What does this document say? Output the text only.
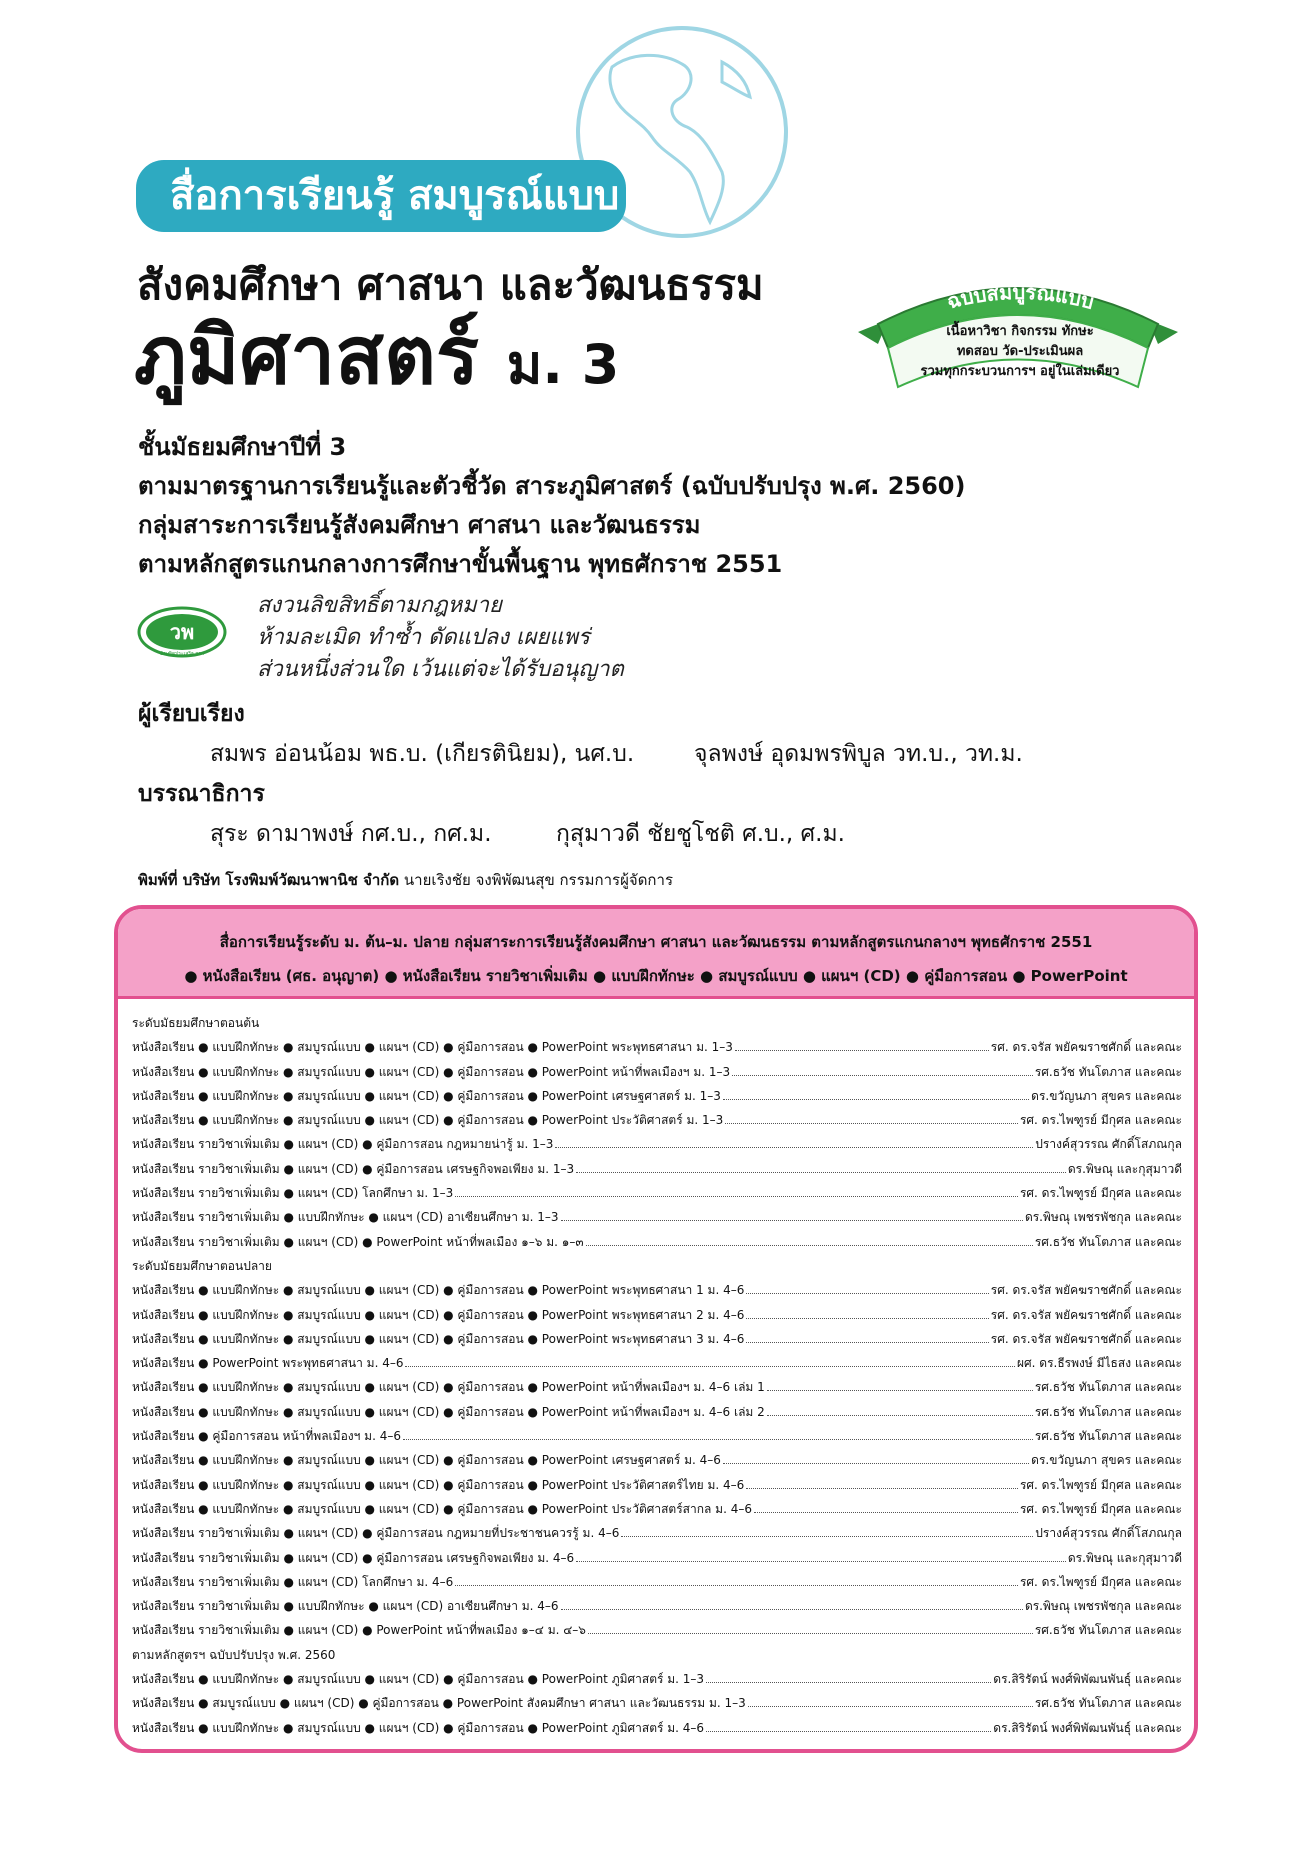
สื่อการเรียนรู้ สมบูรณ์แบบ
สังคมศึกษา ศาสนา และวัฒนธรรม
ภูมิศาสตร์ ม. 3
ฉบับสมบูรณ์แบบ
เนื้อหาวิชา กิจกรรม ทักษะ
ทดสอบ วัด-ประเมินผล
รวมทุกกระบวนการฯ อยู่ในเล่มเดียว
ชั้นมัธยมศึกษาปีที่ 3
ตามมาตรฐานการเรียนรู้และตัวชี้วัด สาระภูมิศาสตร์ (ฉบับปรับปรุง พ.ศ. 2560)
กลุ่มสาระการเรียนรู้สังคมศึกษา ศาสนา และวัฒนธรรม
ตามหลักสูตรแกนกลางการศึกษาขั้นพื้นฐาน พุทธศักราช 2551
วพ
บัณฑิตประเสริฐ ฯลฯ
สงวนลิขสิทธิ์ตามกฎหมาย
ห้ามละเมิด ทำซ้ำ ดัดแปลง เผยแพร่
ส่วนหนึ่งส่วนใด เว้นแต่จะได้รับอนุญาต
ผู้เรียบเรียง
สมพร อ่อนน้อม พธ.บ. (เกียรตินิยม), นศ.บ.	จุลพงษ์ อุดมพรพิบูล วท.บ., วท.ม.
บรรณาธิการ
สุระ ดามาพงษ์ กศ.บ., กศ.ม.	กุสุมาวดี ชัยชูโชติ ศ.บ., ศ.ม.
พิมพ์ที่ บริษัท โรงพิมพ์วัฒนาพานิช จำกัด นายเริงชัย จงพิพัฒนสุข กรรมการผู้จัดการ
สื่อการเรียนรู้ระดับ ม. ต้น–ม. ปลาย กลุ่มสาระการเรียนรู้สังคมศึกษา ศาสนา และวัฒนธรรม ตามหลักสูตรแกนกลางฯ พุทธศักราช 2551
● หนังสือเรียน (ศธ. อนุญาต) ● หนังสือเรียน รายวิชาเพิ่มเติม ● แบบฝึกทักษะ ● สมบูรณ์แบบ ● แผนฯ (CD) ● คู่มือการสอน ● PowerPoint
ระดับมัธยมศึกษาตอนต้น
หนังสือเรียน ● แบบฝึกทักษะ ● สมบูรณ์แบบ ● แผนฯ (CD) ● คู่มือการสอน ● PowerPoint พระพุทธศาสนา ม. 1–3	รศ. ดร.จรัส พยัคฆราชศักดิ์ และคณะ
หนังสือเรียน ● แบบฝึกทักษะ ● สมบูรณ์แบบ ● แผนฯ (CD) ● คู่มือการสอน ● PowerPoint หน้าที่พลเมืองฯ ม. 1–3	รศ.ธวัช ทันโตภาส และคณะ
หนังสือเรียน ● แบบฝึกทักษะ ● สมบูรณ์แบบ ● แผนฯ (CD) ● คู่มือการสอน ● PowerPoint เศรษฐศาสตร์ ม. 1–3	ดร.ขวัญนภา สุขคร และคณะ
หนังสือเรียน ● แบบฝึกทักษะ ● สมบูรณ์แบบ ● แผนฯ (CD) ● คู่มือการสอน ● PowerPoint ประวัติศาสตร์ ม. 1–3	รศ. ดร.ไพฑูรย์ มีกุศล และคณะ
หนังสือเรียน รายวิชาเพิ่มเติม ● แผนฯ (CD) ● คู่มือการสอน กฎหมายน่ารู้ ม. 1–3	ปรางค์สุวรรณ ศักดิ์โสภณกุล
หนังสือเรียน รายวิชาเพิ่มเติม ● แผนฯ (CD) ● คู่มือการสอน เศรษฐกิจพอเพียง ม. 1–3	ดร.พิษณุ และกุสุมาวดี
หนังสือเรียน รายวิชาเพิ่มเติม ● แผนฯ (CD) โลกศึกษา ม. 1–3	รศ. ดร.ไพฑูรย์ มีกุศล และคณะ
หนังสือเรียน รายวิชาเพิ่มเติม ● แบบฝึกทักษะ ● แผนฯ (CD) อาเซียนศึกษา ม. 1–3	ดร.พิษณุ เพชรพัชกุล และคณะ
หนังสือเรียน รายวิชาเพิ่มเติม ● แผนฯ (CD) ● PowerPoint หน้าที่พลเมือง ๑–๖ ม. ๑–๓	รศ.ธวัช ทันโตภาส และคณะ
ระดับมัธยมศึกษาตอนปลาย
หนังสือเรียน ● แบบฝึกทักษะ ● สมบูรณ์แบบ ● แผนฯ (CD) ● คู่มือการสอน ● PowerPoint พระพุทธศาสนา 1 ม. 4–6	รศ. ดร.จรัส พยัคฆราชศักดิ์ และคณะ
หนังสือเรียน ● แบบฝึกทักษะ ● สมบูรณ์แบบ ● แผนฯ (CD) ● คู่มือการสอน ● PowerPoint พระพุทธศาสนา 2 ม. 4–6	รศ. ดร.จรัส พยัคฆราชศักดิ์ และคณะ
หนังสือเรียน ● แบบฝึกทักษะ ● สมบูรณ์แบบ ● แผนฯ (CD) ● คู่มือการสอน ● PowerPoint พระพุทธศาสนา 3 ม. 4–6	รศ. ดร.จรัส พยัคฆราชศักดิ์ และคณะ
หนังสือเรียน ● PowerPoint พระพุทธศาสนา ม. 4–6	ผศ. ดร.ธีรพงษ์ มีไธสง และคณะ
หนังสือเรียน ● แบบฝึกทักษะ ● สมบูรณ์แบบ ● แผนฯ (CD) ● คู่มือการสอน ● PowerPoint หน้าที่พลเมืองฯ ม. 4–6 เล่ม 1	รศ.ธวัช ทันโตภาส และคณะ
หนังสือเรียน ● แบบฝึกทักษะ ● สมบูรณ์แบบ ● แผนฯ (CD) ● คู่มือการสอน ● PowerPoint หน้าที่พลเมืองฯ ม. 4–6 เล่ม 2	รศ.ธวัช ทันโตภาส และคณะ
หนังสือเรียน ● คู่มือการสอน หน้าที่พลเมืองฯ ม. 4–6	รศ.ธวัช ทันโตภาส และคณะ
หนังสือเรียน ● แบบฝึกทักษะ ● สมบูรณ์แบบ ● แผนฯ (CD) ● คู่มือการสอน ● PowerPoint เศรษฐศาสตร์ ม. 4–6	ดร.ขวัญนภา สุขคร และคณะ
หนังสือเรียน ● แบบฝึกทักษะ ● สมบูรณ์แบบ ● แผนฯ (CD) ● คู่มือการสอน ● PowerPoint ประวัติศาสตร์ไทย ม. 4–6	รศ. ดร.ไพฑูรย์ มีกุศล และคณะ
หนังสือเรียน ● แบบฝึกทักษะ ● สมบูรณ์แบบ ● แผนฯ (CD) ● คู่มือการสอน ● PowerPoint ประวัติศาสตร์สากล ม. 4–6	รศ. ดร.ไพฑูรย์ มีกุศล และคณะ
หนังสือเรียน รายวิชาเพิ่มเติม ● แผนฯ (CD) ● คู่มือการสอน กฎหมายที่ประชาชนควรรู้ ม. 4–6	ปรางค์สุวรรณ ศักดิ์โสภณกุล
หนังสือเรียน รายวิชาเพิ่มเติม ● แผนฯ (CD) ● คู่มือการสอน เศรษฐกิจพอเพียง ม. 4–6	ดร.พิษณุ และกุสุมาวดี
หนังสือเรียน รายวิชาเพิ่มเติม ● แผนฯ (CD) โลกศึกษา ม. 4–6	รศ. ดร.ไพฑูรย์ มีกุศล และคณะ
หนังสือเรียน รายวิชาเพิ่มเติม ● แบบฝึกทักษะ ● แผนฯ (CD) อาเซียนศึกษา ม. 4–6	ดร.พิษณุ เพชรพัชกุล และคณะ
หนังสือเรียน รายวิชาเพิ่มเติม ● แผนฯ (CD) ● PowerPoint หน้าที่พลเมือง ๑–๔ ม. ๔–๖	รศ.ธวัช ทันโตภาส และคณะ
ตามหลักสูตรฯ ฉบับปรับปรุง พ.ศ. 2560
หนังสือเรียน ● แบบฝึกทักษะ ● สมบูรณ์แบบ ● แผนฯ (CD) ● คู่มือการสอน ● PowerPoint ภูมิศาสตร์ ม. 1–3	ดร.สิริรัตน์ พงศ์พิพัฒนพันธุ์ และคณะ
หนังสือเรียน ● สมบูรณ์แบบ ● แผนฯ (CD) ● คู่มือการสอน ● PowerPoint สังคมศึกษา ศาสนา และวัฒนธรรม ม. 1–3	รศ.ธวัช ทันโตภาส และคณะ
หนังสือเรียน ● แบบฝึกทักษะ ● สมบูรณ์แบบ ● แผนฯ (CD) ● คู่มือการสอน ● PowerPoint ภูมิศาสตร์ ม. 4–6	ดร.สิริรัตน์ พงศ์พิพัฒนพันธุ์ และคณะ
